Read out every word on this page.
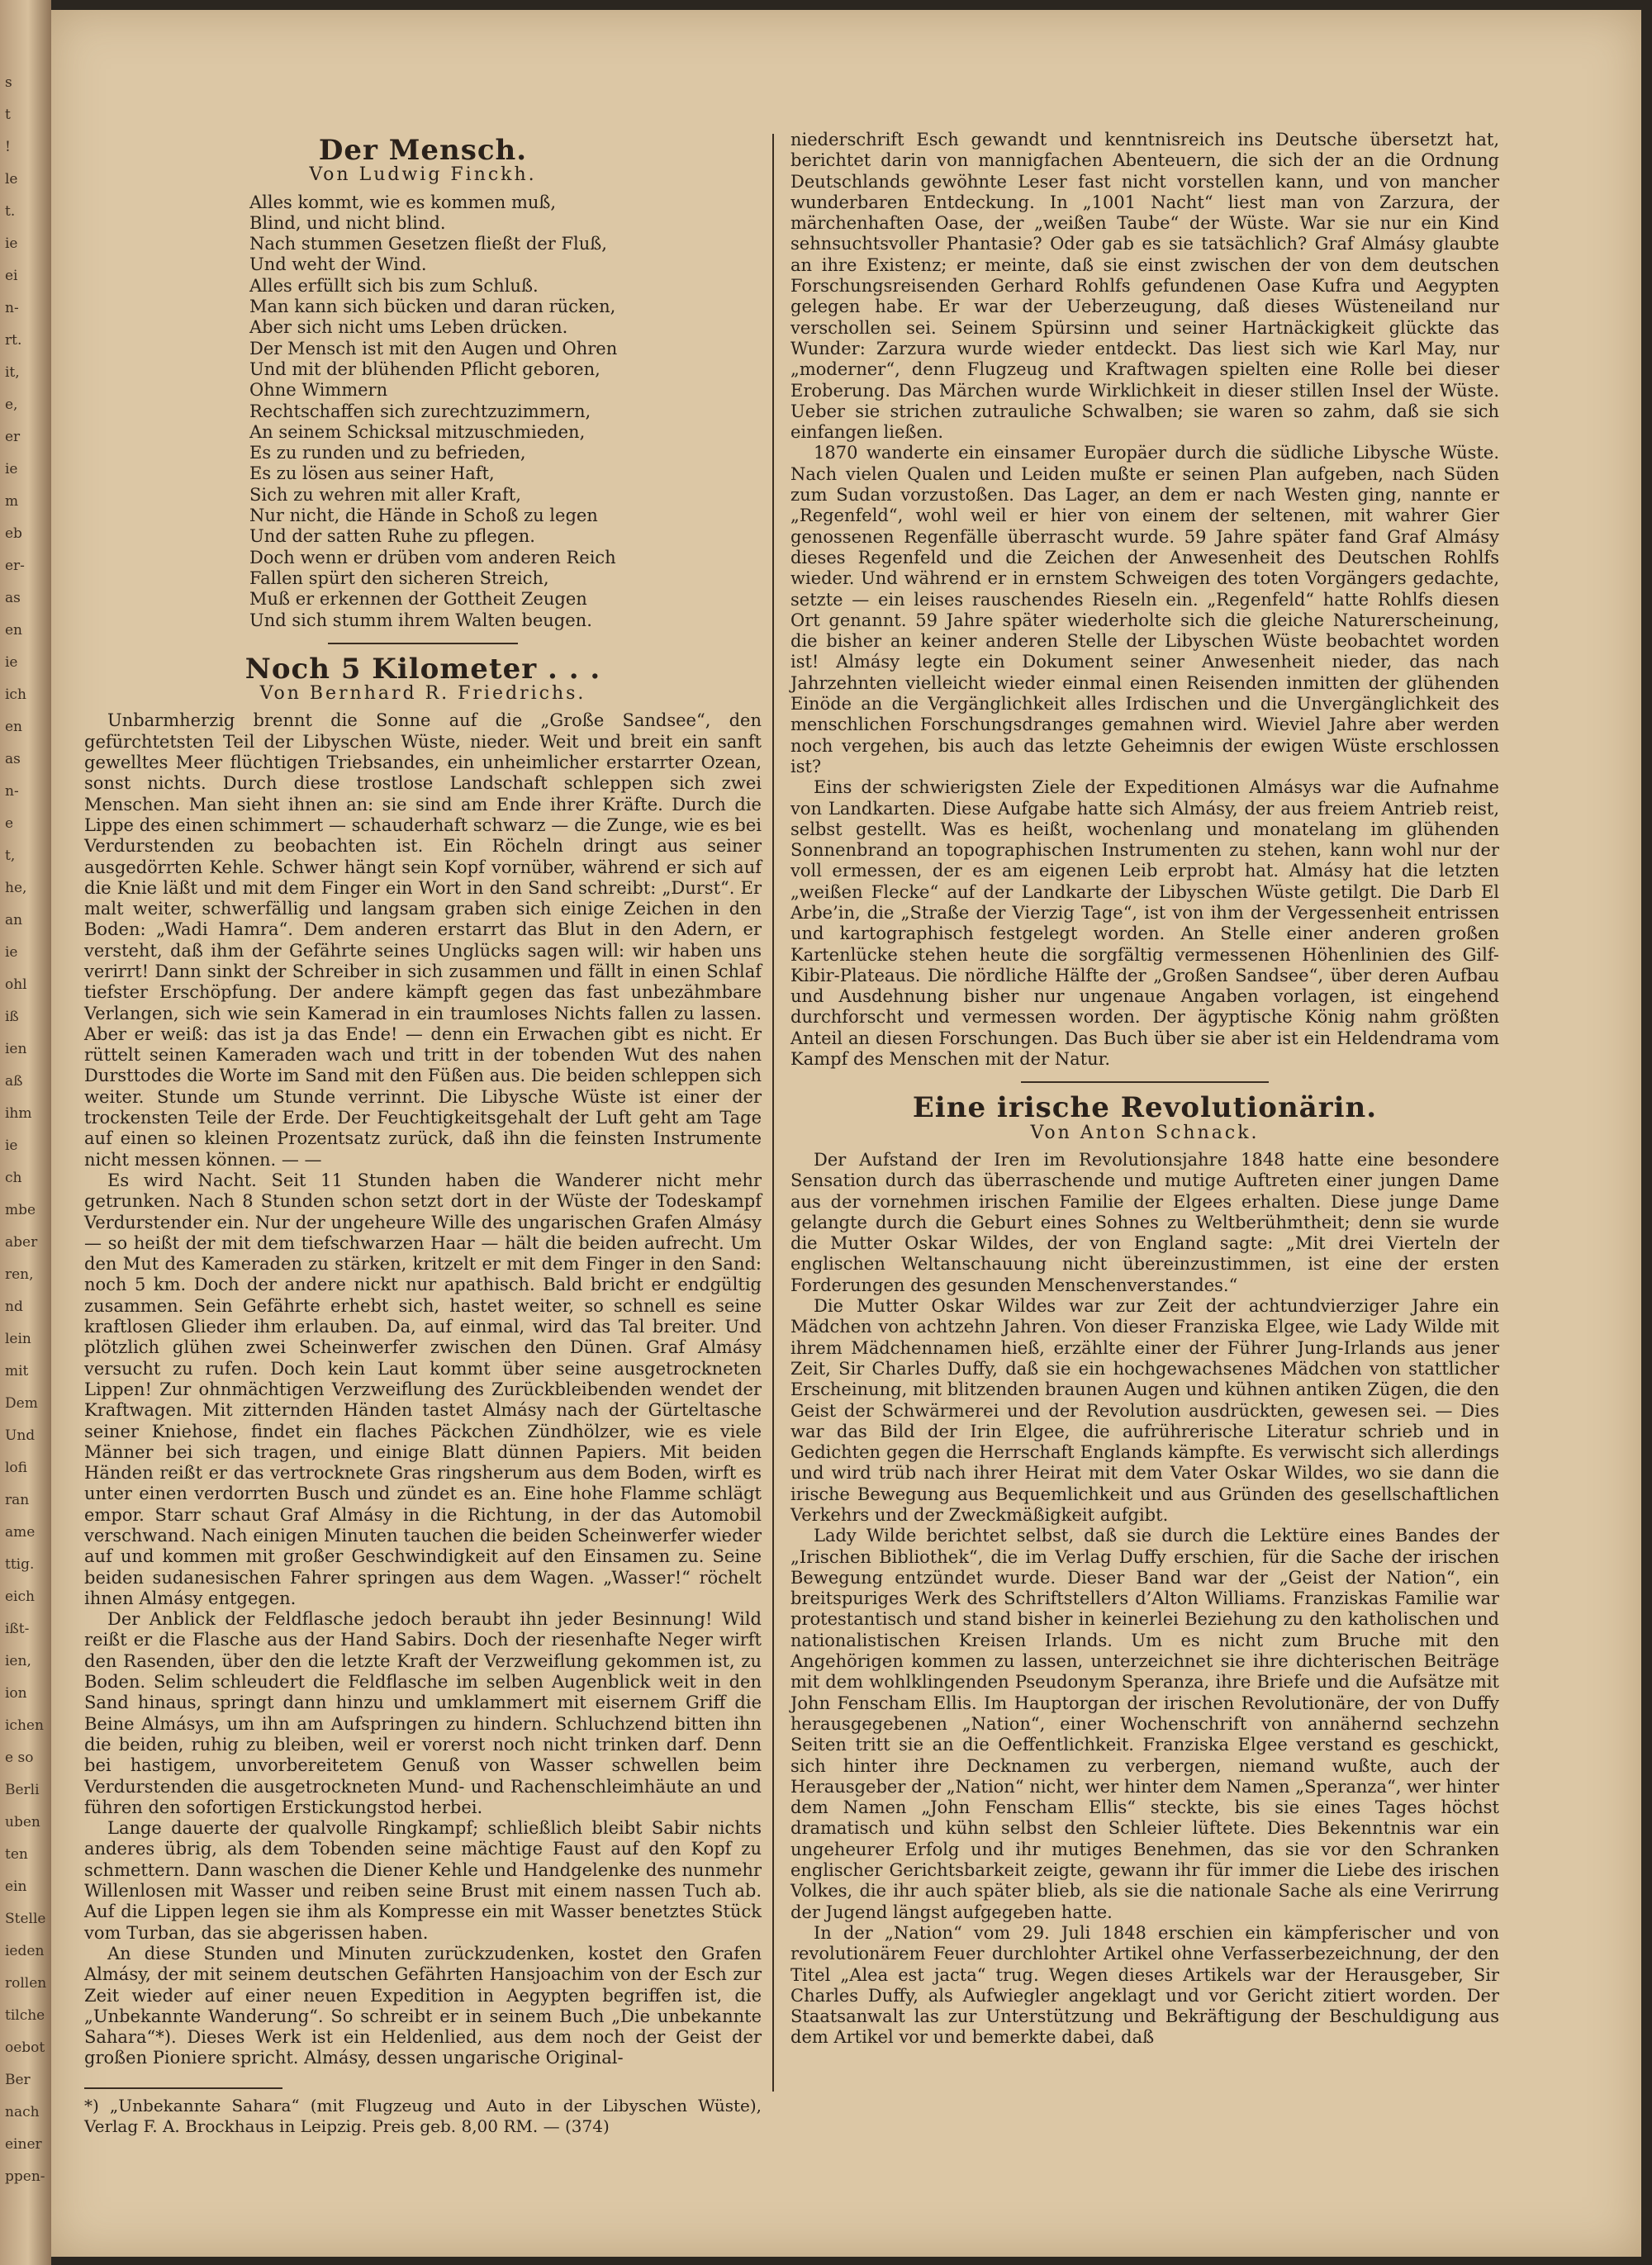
s
t
!
le
t.
ie
ei
n-
rt.
it,
e,
er
ie
m
eb
er-
as
en
ie
ich
en
as
n-
e
t,
he,
an
ie
ohl
iß
ien
aß
ihm
ie
ch
mbe
aber
ren,
nd
lein
mit
Dem
Und
lofi
ran
ame
ttig.
eich
ißt-
ien,
ion
ichen
e so
Berli
uben
ten
ein
Stelle
ieden
rollen
tilche
oebot
Ber
nach
einer
ppen-
Der Mensch.
Von Ludwig Finckh.
Alles kommt, wie es kommen muß,
Blind, und nicht blind.
Nach stummen Gesetzen fließt der Fluß,
Und weht der Wind.
Alles erfüllt sich bis zum Schluß.
Man kann sich bücken und daran rücken,
Aber sich nicht ums Leben drücken.
Der Mensch ist mit den Augen und Ohren
Und mit der blühenden Pflicht geboren,
Ohne Wimmern
Rechtschaffen sich zurechtzuzimmern,
An seinem Schicksal mitzuschmieden,
Es zu runden und zu befrieden,
Es zu lösen aus seiner Haft,
Sich zu wehren mit aller Kraft,
Nur nicht, die Hände in Schoß zu legen
Und der satten Ruhe zu pflegen.
Doch wenn er drüben vom anderen Reich
Fallen spürt den sicheren Streich,
Muß er erkennen der Gottheit Zeugen
Und sich stumm ihrem Walten beugen.
Noch 5 Kilometer . . .
Von Bernhard R. Friedrichs.

Unbarmherzig brennt die Sonne auf die „Große Sandsee“, den gefürchtetsten Teil der Libyschen Wüste, nieder. Weit und breit ein sanft gewelltes Meer flüchtigen Triebsandes, ein unheimlicher erstarrter Ozean, sonst nichts. Durch diese trostlose Landschaft schleppen sich zwei Menschen. Man sieht ihnen an: sie sind am Ende ihrer Kräfte. Durch die Lippe des einen schimmert — schauderhaft schwarz — die Zunge, wie es bei Verdurstenden zu beobachten ist. Ein Röcheln dringt aus seiner ausgedörrten Kehle. Schwer hängt sein Kopf vornüber, während er sich auf die Knie läßt und mit dem Finger ein Wort in den Sand schreibt: „Durst“. Er malt weiter, schwerfällig und langsam graben sich einige Zeichen in den Boden: „Wadi Hamra“. Dem anderen erstarrt das Blut in den Adern, er versteht, daß ihm der Gefährte seines Unglücks sagen will: wir haben uns verirrt! Dann sinkt der Schreiber in sich zusammen und fällt in einen Schlaf tiefster Erschöpfung. Der andere kämpft gegen das fast unbezähmbare Verlangen, sich wie sein Kamerad in ein traumloses Nichts fallen zu lassen. Aber er weiß: das ist ja das Ende! — denn ein Erwachen gibt es nicht. Er rüttelt seinen Kameraden wach und tritt in der tobenden Wut des nahen Dursttodes die Worte im Sand mit den Füßen aus. Die beiden schleppen sich weiter. Stunde um Stunde verrinnt. Die Libysche Wüste ist einer der trockensten Teile der Erde. Der Feuchtigkeitsgehalt der Luft geht am Tage auf einen so kleinen Prozentsatz zurück, daß ihn die feinsten Instrumente nicht messen können. — —

Es wird Nacht. Seit 11 Stunden haben die Wanderer nicht mehr getrunken. Nach 8 Stunden schon setzt dort in der Wüste der Todeskampf Verdurstender ein. Nur der ungeheure Wille des ungarischen Grafen Almásy — so heißt der mit dem tiefschwarzen Haar — hält die beiden aufrecht. Um den Mut des Kameraden zu stärken, kritzelt er mit dem Finger in den Sand: noch 5 km. Doch der andere nickt nur apathisch. Bald bricht er endgültig zusammen. Sein Gefährte erhebt sich, hastet weiter, so schnell es seine kraftlosen Glieder ihm erlauben. Da, auf einmal, wird das Tal breiter. Und plötzlich glühen zwei Scheinwerfer zwischen den Dünen. Graf Almásy versucht zu rufen. Doch kein Laut kommt über seine ausgetrockneten Lippen! Zur ohnmächtigen Verzweiflung des Zurückbleibenden wendet der Kraftwagen. Mit zitternden Händen tastet Almásy nach der Gürteltasche seiner Kniehose, findet ein flaches Päckchen Zündhölzer, wie es viele Männer bei sich tragen, und einige Blatt dünnen Papiers. Mit beiden Händen reißt er das vertrocknete Gras ringsherum aus dem Boden, wirft es unter einen verdorrten Busch und zündet es an. Eine hohe Flamme schlägt empor. Starr schaut Graf Almásy in die Richtung, in der das Automobil verschwand. Nach einigen Minuten tauchen die beiden Scheinwerfer wieder auf und kommen mit großer Geschwindigkeit auf den Einsamen zu. Seine beiden sudanesischen Fahrer springen aus dem Wagen. „Wasser!“ röchelt ihnen Almásy entgegen.

Der Anblick der Feldflasche jedoch beraubt ihn jeder Besinnung! Wild reißt er die Flasche aus der Hand Sabirs. Doch der riesenhafte Neger wirft den Rasenden, über den die letzte Kraft der Verzweiflung gekommen ist, zu Boden. Selim schleudert die Feldflasche im selben Augenblick weit in den Sand hinaus, springt dann hinzu und umklammert mit eisernem Griff die Beine Almásys, um ihn am Aufspringen zu hindern. Schluchzend bitten ihn die beiden, ruhig zu bleiben, weil er vorerst noch nicht trinken darf. Denn bei hastigem, unvorbereitetem Genuß von Wasser schwellen beim Verdurstenden die ausgetrockneten Mund- und Rachenschleimhäute an und führen den sofortigen Erstickungstod herbei.

Lange dauerte der qualvolle Ringkampf; schließlich bleibt Sabir nichts anderes übrig, als dem Tobenden seine mächtige Faust auf den Kopf zu schmettern. Dann waschen die Diener Kehle und Handgelenke des nunmehr Willenlosen mit Wasser und reiben seine Brust mit einem nassen Tuch ab. Auf die Lippen legen sie ihm als Kompresse ein mit Wasser benetztes Stück vom Turban, das sie abgerissen haben.

An diese Stunden und Minuten zurückzudenken, kostet den Grafen Almásy, der mit seinem deutschen Gefährten Hansjoachim von der Esch zur Zeit wieder auf einer neuen Expedition in Aegypten begriffen ist, die „Unbekannte Wanderung“. So schreibt er in seinem Buch „Die unbekannte Sahara“*). Dieses Werk ist ein Heldenlied, aus dem noch der Geist der großen Pioniere spricht. Almásy, dessen ungarische Original-

*) „Unbekannte Sahara“ (mit Flugzeug und Auto in der Libyschen Wüste), Verlag F. A. Brockhaus in Leipzig. Preis geb. 8,00 RM. — (374)

niederschrift Esch gewandt und kenntnisreich ins Deutsche übersetzt hat, berichtet darin von mannigfachen Abenteuern, die sich der an die Ordnung Deutschlands gewöhnte Leser fast nicht vorstellen kann, und von mancher wunderbaren Entdeckung. In „1001 Nacht“ liest man von Zarzura, der märchenhaften Oase, der „weißen Taube“ der Wüste. War sie nur ein Kind sehnsuchtsvoller Phantasie? Oder gab es sie tatsächlich? Graf Almásy glaubte an ihre Existenz; er meinte, daß sie einst zwischen der von dem deutschen Forschungsreisenden Gerhard Rohlfs gefundenen Oase Kufra und Aegypten gelegen habe. Er war der Ueberzeugung, daß dieses Wüsteneiland nur verschollen sei. Seinem Spürsinn und seiner Hartnäckigkeit glückte das Wunder: Zarzura wurde wieder entdeckt. Das liest sich wie Karl May, nur „moderner“, denn Flugzeug und Kraftwagen spielten eine Rolle bei dieser Eroberung. Das Märchen wurde Wirklichkeit in dieser stillen Insel der Wüste. Ueber sie strichen zutrauliche Schwalben; sie waren so zahm, daß sie sich einfangen ließen.

1870 wanderte ein einsamer Europäer durch die südliche Libysche Wüste. Nach vielen Qualen und Leiden mußte er seinen Plan aufgeben, nach Süden zum Sudan vorzustoßen. Das Lager, an dem er nach Westen ging, nannte er „Regenfeld“, wohl weil er hier von einem der seltenen, mit wahrer Gier genossenen Regenfälle überrascht wurde. 59 Jahre später fand Graf Almásy dieses Regenfeld und die Zeichen der Anwesenheit des Deutschen Rohlfs wieder. Und während er in ernstem Schweigen des toten Vorgängers gedachte, setzte — ein leises rauschendes Rieseln ein. „Regenfeld“ hatte Rohlfs diesen Ort genannt. 59 Jahre später wiederholte sich die gleiche Naturerscheinung, die bisher an keiner anderen Stelle der Libyschen Wüste beobachtet worden ist! Almásy legte ein Dokument seiner Anwesenheit nieder, das nach Jahrzehnten vielleicht wieder einmal einen Reisenden inmitten der glühenden Einöde an die Vergänglichkeit alles Irdischen und die Unvergänglichkeit des menschlichen Forschungsdranges gemahnen wird. Wieviel Jahre aber werden noch vergehen, bis auch das letzte Geheimnis der ewigen Wüste erschlossen ist?

Eins der schwierigsten Ziele der Expeditionen Almásys war die Aufnahme von Landkarten. Diese Aufgabe hatte sich Almásy, der aus freiem Antrieb reist, selbst gestellt. Was es heißt, wochenlang und monatelang im glühenden Sonnenbrand an topographischen Instrumenten zu stehen, kann wohl nur der voll ermessen, der es am eigenen Leib erprobt hat. Almásy hat die letzten „weißen Flecke“ auf der Landkarte der Libyschen Wüste getilgt. Die Darb El Arbe’in, die „Straße der Vierzig Tage“, ist von ihm der Vergessenheit entrissen und kartographisch festgelegt worden. An Stelle einer anderen großen Kartenlücke stehen heute die sorgfältig vermessenen Höhenlinien des Gilf-Kibir-Plateaus. Die nördliche Hälfte der „Großen Sandsee“, über deren Aufbau und Ausdehnung bisher nur ungenaue Angaben vorlagen, ist eingehend durchforscht und vermessen worden. Der ägyptische König nahm größten Anteil an diesen Forschungen. Das Buch über sie aber ist ein Heldendrama vom Kampf des Menschen mit der Natur.

Eine irische Revolutionärin.
Von Anton Schnack.

Der Aufstand der Iren im Revolutionsjahre 1848 hatte eine besondere Sensation durch das überraschende und mutige Auftreten einer jungen Dame aus der vornehmen irischen Familie der Elgees erhalten. Diese junge Dame gelangte durch die Geburt eines Sohnes zu Weltberühmtheit; denn sie wurde die Mutter Oskar Wildes, der von England sagte: „Mit drei Vierteln der englischen Weltanschauung nicht übereinzustimmen, ist eine der ersten Forderungen des gesunden Menschenverstandes.“

Die Mutter Oskar Wildes war zur Zeit der achtundvierziger Jahre ein Mädchen von achtzehn Jahren. Von dieser Franziska Elgee, wie Lady Wilde mit ihrem Mädchennamen hieß, erzählte einer der Führer Jung-Irlands aus jener Zeit, Sir Charles Duffy, daß sie ein hochgewachsenes Mädchen von stattlicher Erscheinung, mit blitzenden braunen Augen und kühnen antiken Zügen, die den Geist der Schwärmerei und der Revolution ausdrückten, gewesen sei. — Dies war das Bild der Irin Elgee, die aufrührerische Literatur schrieb und in Gedichten gegen die Herrschaft Englands kämpfte. Es verwischt sich allerdings und wird trüb nach ihrer Heirat mit dem Vater Oskar Wildes, wo sie dann die irische Bewegung aus Bequemlichkeit und aus Gründen des gesellschaftlichen Verkehrs und der Zweckmäßigkeit aufgibt.

Lady Wilde berichtet selbst, daß sie durch die Lektüre eines Bandes der „Irischen Bibliothek“, die im Verlag Duffy erschien, für die Sache der irischen Bewegung entzündet wurde. Dieser Band war der „Geist der Nation“, ein breitspuriges Werk des Schriftstellers d’Alton Williams. Franziskas Familie war protestantisch und stand bisher in keinerlei Beziehung zu den katholischen und nationalistischen Kreisen Irlands. Um es nicht zum Bruche mit den Angehörigen kommen zu lassen, unterzeichnet sie ihre dichterischen Beiträge mit dem wohlklingenden Pseudonym Speranza, ihre Briefe und die Aufsätze mit John Fenscham Ellis. Im Hauptorgan der irischen Revolutionäre, der von Duffy herausgegebenen „Nation“, einer Wochenschrift von annähernd sechzehn Seiten tritt sie an die Oeffentlichkeit. Franziska Elgee verstand es geschickt, sich hinter ihre Decknamen zu verbergen, niemand wußte, auch der Herausgeber der „Nation“ nicht, wer hinter dem Namen „Speranza“, wer hinter dem Namen „John Fenscham Ellis“ steckte, bis sie eines Tages höchst dramatisch und kühn selbst den Schleier lüftete. Dies Bekenntnis war ein ungeheurer Erfolg und ihr mutiges Benehmen, das sie vor den Schranken englischer Gerichtsbarkeit zeigte, gewann ihr für immer die Liebe des irischen Volkes, die ihr auch später blieb, als sie die nationale Sache als eine Verirrung der Jugend längst aufgegeben hatte.

In der „Nation“ vom 29. Juli 1848 erschien ein kämpferischer und von revolutionärem Feuer durchlohter Artikel ohne Verfasserbezeichnung, der den Titel „Alea est jacta“ trug. Wegen dieses Artikels war der Herausgeber, Sir Charles Duffy, als Aufwiegler angeklagt und vor Gericht zitiert worden. Der Staatsanwalt las zur Unterstützung und Bekräftigung der Beschuldigung aus dem Artikel vor und bemerkte dabei, daß
